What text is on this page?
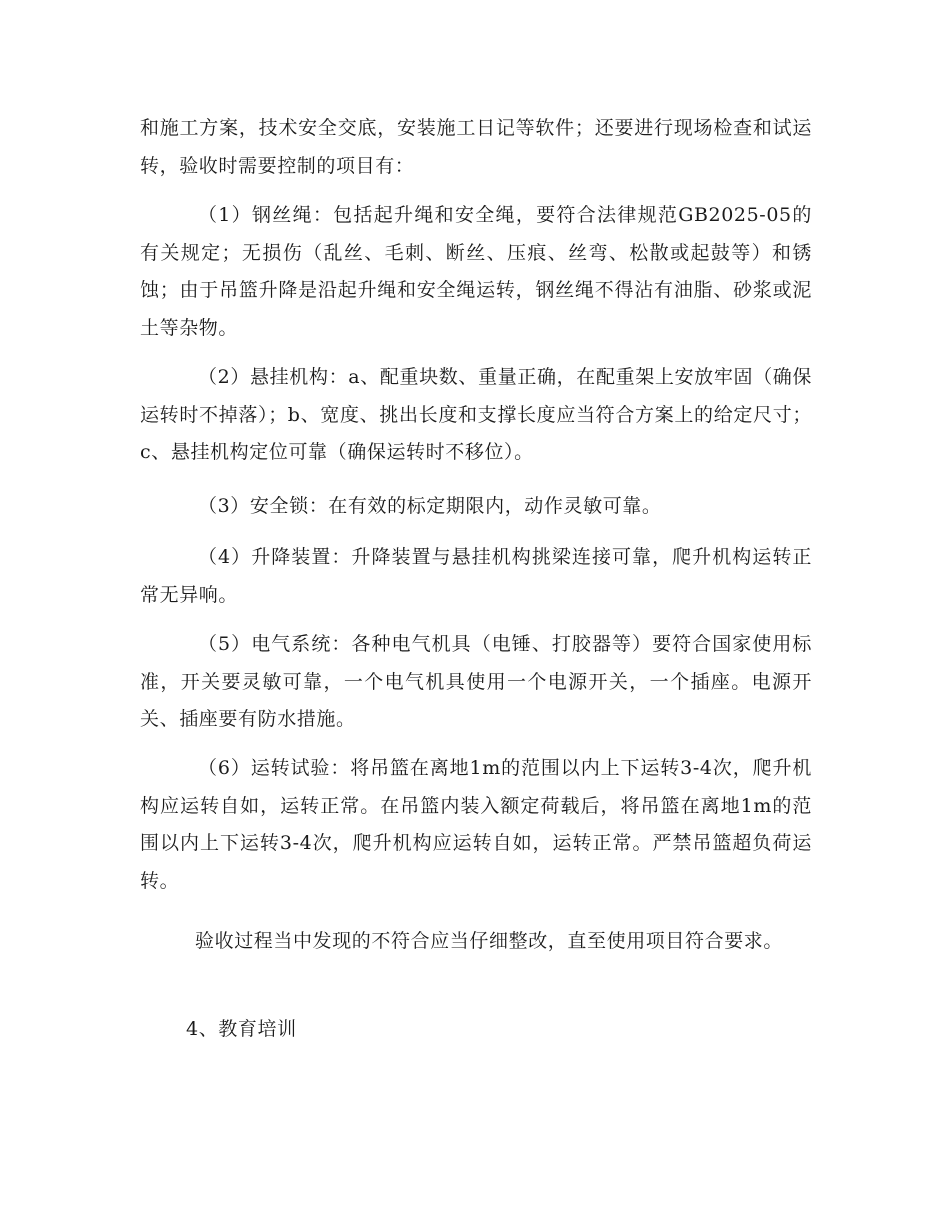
和施工方案，技术安全交底，安装施工日记等软件；还要进行现场检查和试运转，验收时需要控制的项目有：

（1）钢丝绳：包括起升绳和安全绳，要符合法律规范GB2025-05的有关规定；无损伤（乱丝、毛刺、断丝、压痕、丝弯、松散或起鼓等）和锈蚀；由于吊篮升降是沿起升绳和安全绳运转，钢丝绳不得沾有油脂、砂浆或泥土等杂物。

（2）悬挂机构：a、配重块数、重量正确，在配重架上安放牢固（确保运转时不掉落）；b、宽度、挑出长度和支撑长度应当符合方案上的给定尺寸；c、悬挂机构定位可靠（确保运转时不移位）。

（3）安全锁：在有效的标定期限内，动作灵敏可靠。

（4）升降装置：升降装置与悬挂机构挑梁连接可靠，爬升机构运转正常无异响。

（5）电气系统：各种电气机具（电锤、打胶器等）要符合国家使用标准，开关要灵敏可靠，一个电气机具使用一个电源开关，一个插座。电源开关、插座要有防水措施。

（6）运转试验：将吊篮在离地1m的范围以内上下运转3-4次，爬升机构应运转自如，运转正常。在吊篮内装入额定荷载后，将吊篮在离地1m的范围以内上下运转3-4次，爬升机构应运转自如，运转正常。严禁吊篮超负荷运转。

验收过程当中发现的不符合应当仔细整改，直至使用项目符合要求。

4、教育培训
